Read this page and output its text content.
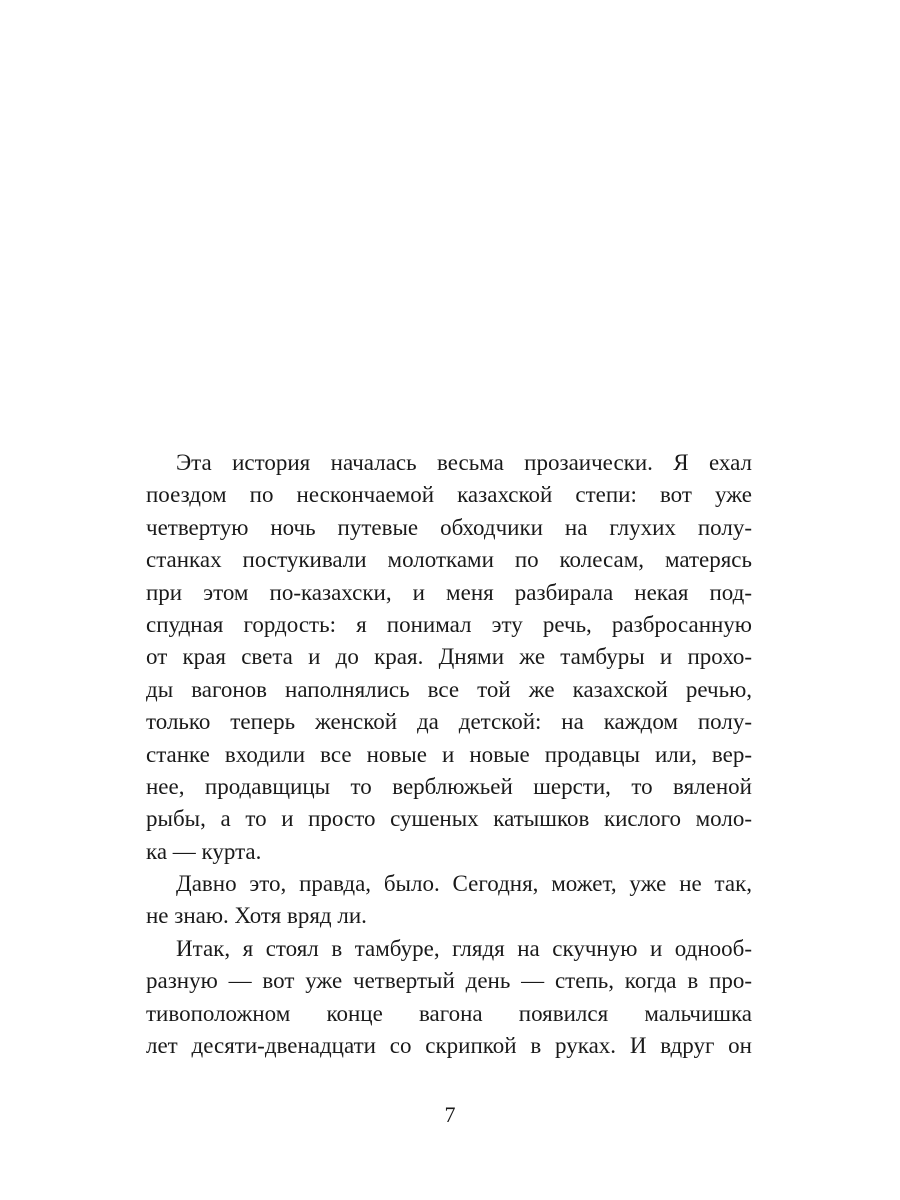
Эта история началась весьма прозаически. Я ехал
поездом по нескончаемой казахской степи: вот уже
четвертую ночь путевые обходчики на глухих полу-
станках постукивали молотками по колесам, матерясь
при этом по-казахски, и меня разбирала некая под-
спудная гордость: я понимал эту речь, разбросанную
от края света и до края. Днями же тамбуры и прохо-
ды вагонов наполнялись все той же казахской речью,
только теперь женской да детской: на каждом полу-
станке входили все новые и новые продавцы или, вер-
нее, продавщицы то верблюжьей шерсти, то вяленой
рыбы, а то и просто сушеных катышков кислого моло-
ка — курта.
Давно это, правда, было. Сегодня, может, уже не так,
не знаю. Хотя вряд ли.
Итак, я стоял в тамбуре, глядя на скучную и однооб-
разную — вот уже четвертый день — степь, когда в про-
тивоположном конце вагона появился мальчишка
лет десяти-двенадцати со скрипкой в руках. И вдруг он
7
